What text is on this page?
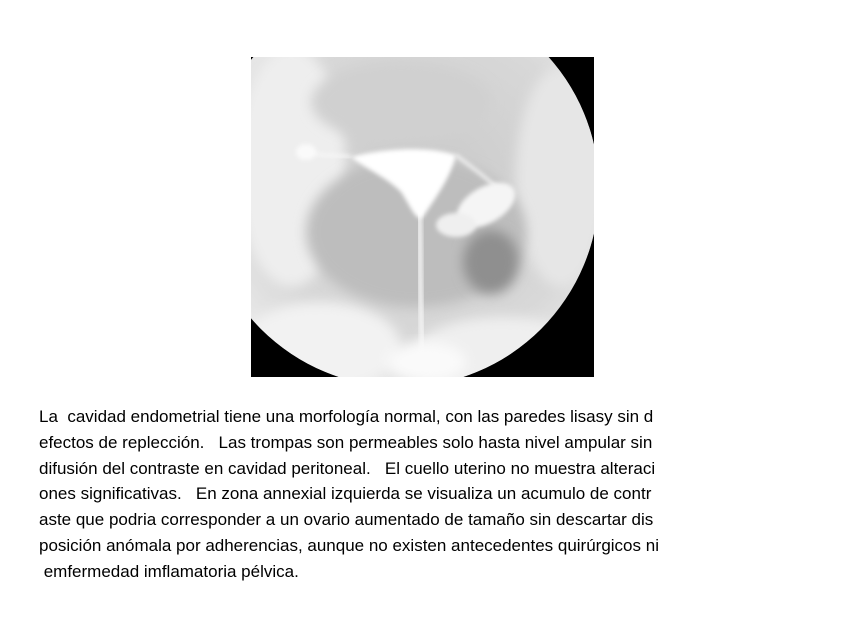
La  cavidad endometrial tiene una morfología normal, con las paredes lisasy sin d
efectos de replección.   Las trompas son permeables solo hasta nivel ampular sin
difusión del contraste en cavidad peritoneal.   El cuello uterino no muestra alteraci
ones significativas.   En zona annexial izquierda se visualiza un acumulo de contr
aste que podria corresponder a un ovario aumentado de tamaño sin descartar dis
posición anómala por adherencias, aunque no existen antecedentes quirúrgicos ni
emfermedad imflamatoria pélvica.
